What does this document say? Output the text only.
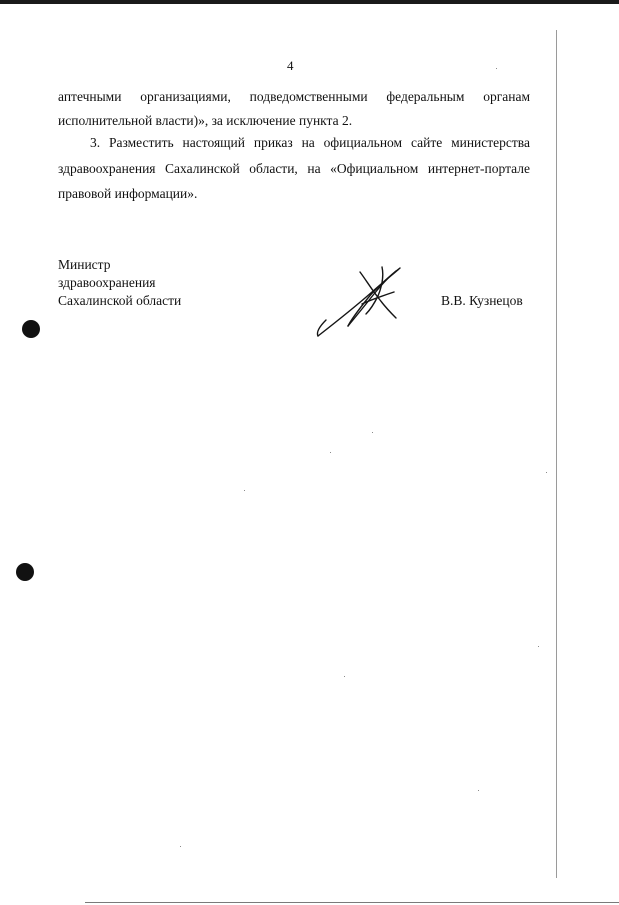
4
аптечными организациями, подведомственными федеральным органам
исполнительной власти)», за исключение пункта 2.
3. Разместить настоящий приказ на официальном сайте министерства
здравоохранения Сахалинской области, на «Официальном интернет-портале
правовой информации».
Министр
здравоохранения
Сахалинской области	В.В. Кузнецов
